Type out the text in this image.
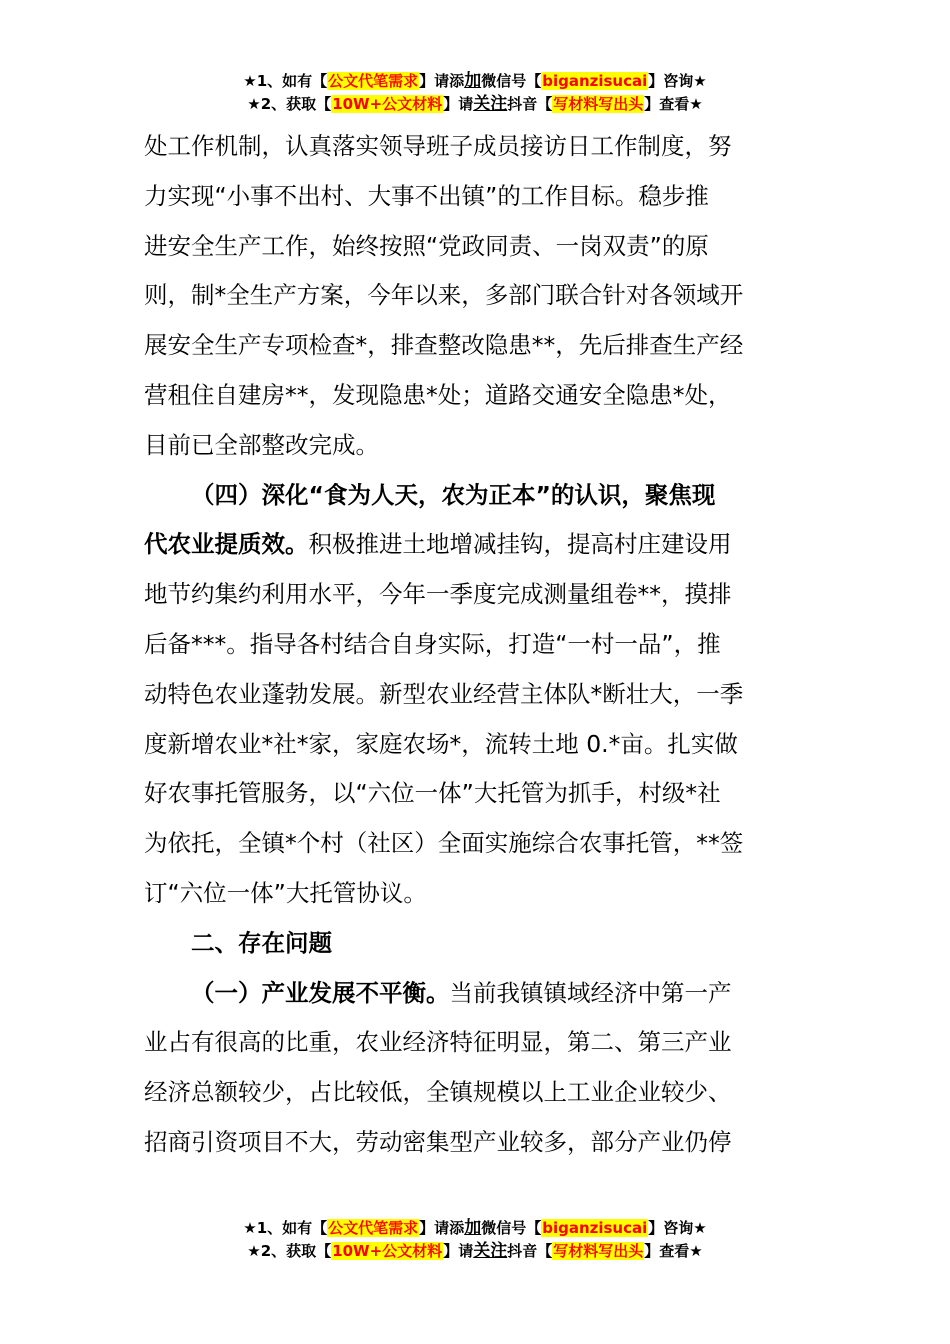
★1、如有【公文代笔需求】请添加微信号【biganzisucai】咨询★
★2、获取【10W+公文材料】请关注抖音【写材料写出头】查看★
处工作机制，认真落实领导班子成员接访日工作制度，努
力实现“小事不出村、大事不出镇”的工作目标。稳步推
进安全生产工作，始终按照“党政同责、一岗双责”的原
则，制*全生产方案，今年以来，多部门联合针对各领域开
展安全生产专项检查*，排查整改隐患**，先后排查生产经
营租住自建房**，发现隐患*处；道路交通安全隐患*处，
目前已全部整改完成。
（四）深化“食为人天，农为正本”的认识，聚焦现
代农业提质效。积极推进土地增减挂钩，提高村庄建设用
地节约集约利用水平，今年一季度完成测量组卷**，摸排
后备***。指导各村结合自身实际，打造“一村一品”，推
动特色农业蓬勃发展。新型农业经营主体队*断壮大，一季
度新增农业*社*家，家庭农场*，流转土地 0.*亩。扎实做
好农事托管服务，以“六位一体”大托管为抓手，村级*社
为依托，全镇*个村（社区）全面实施综合农事托管，**签
订“六位一体”大托管协议。
二、存在问题
（一）产业发展不平衡。当前我镇镇域经济中第一产
业占有很高的比重，农业经济特征明显，第二、第三产业
经济总额较少，占比较低，全镇规模以上工业企业较少、
招商引资项目不大，劳动密集型产业较多，部分产业仍停
★1、如有【公文代笔需求】请添加微信号【biganzisucai】咨询★
★2、获取【10W+公文材料】请关注抖音【写材料写出头】查看★
